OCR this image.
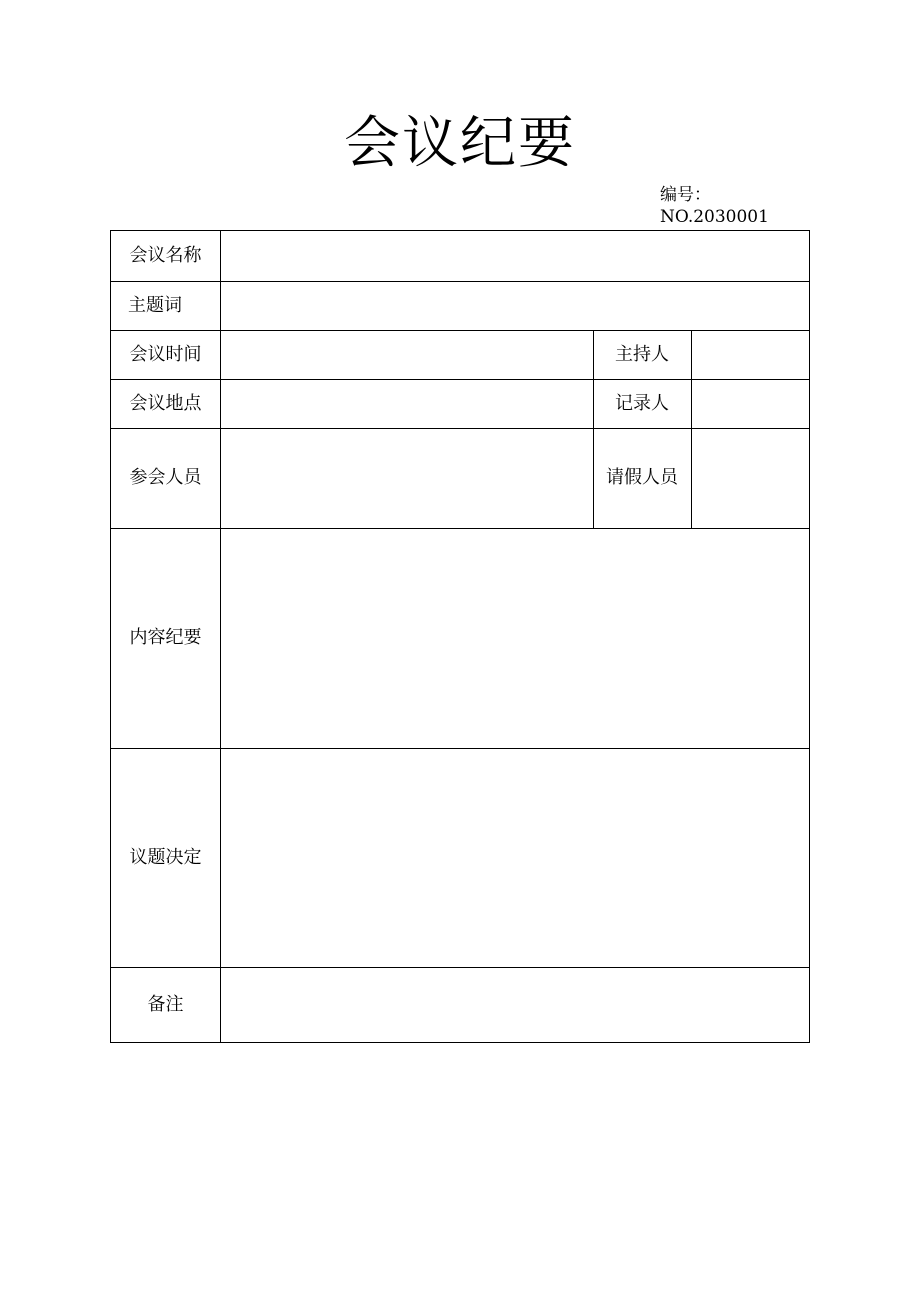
会议纪要
编号：
NO.2030001
会议名称
主题词
会议时间
会议地点
参会人员
内容纪要
议题决定
备注
主持人
记录人
请假人员
